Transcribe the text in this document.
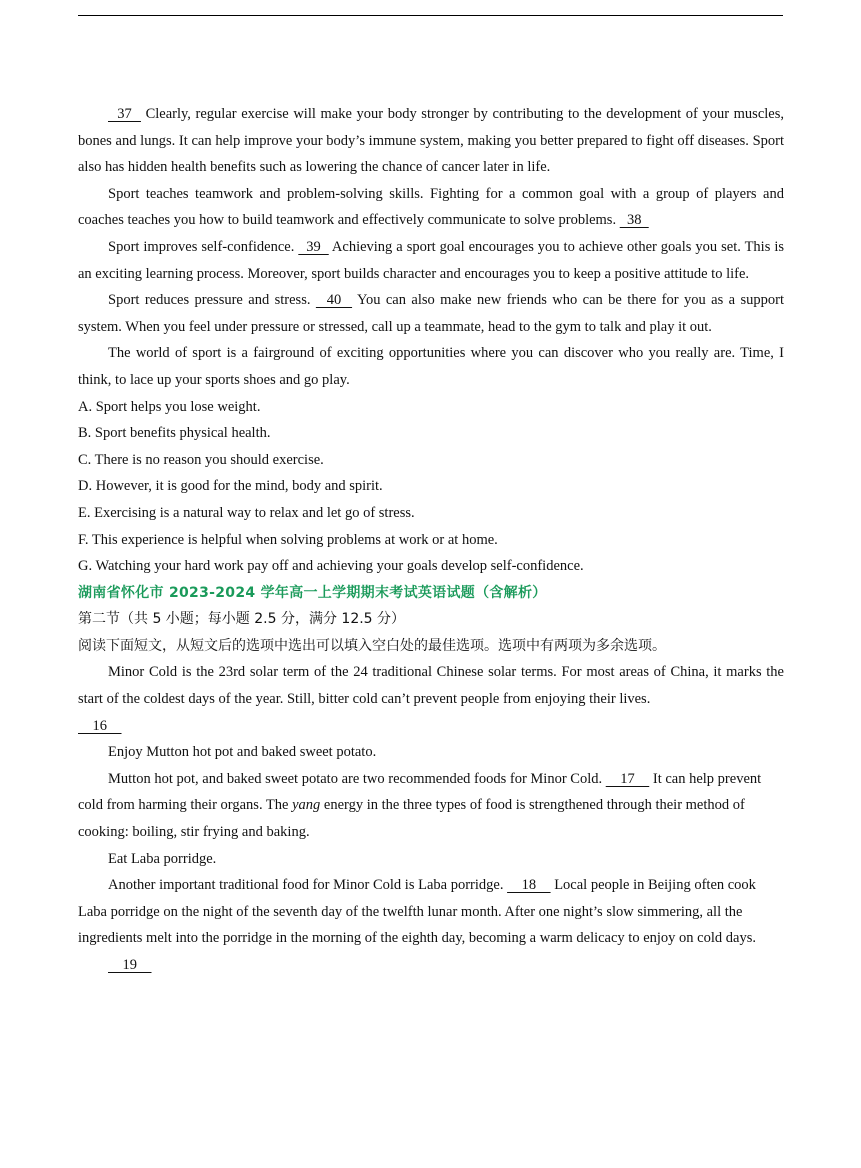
37   Clearly, regular exercise will make your body stronger by contributing to the development of your muscles, bones and lungs. It can help improve your body’s immune system, making you better prepared to fight off diseases. Sport also has hidden health benefits such as lowering the chance of cancer later in life.

Sport teaches teamwork and problem-solving skills. Fighting for a common goal with a group of players and coaches teaches you how to build teamwork and effectively communicate to solve problems.   38

Sport improves self-confidence.   39   Achieving a sport goal encourages you to achieve other goals you set. This is an exciting learning process. Moreover, sport builds character and encourages you to keep a positive attitude to life.

Sport reduces pressure and stress.   40   You can also make new friends who can be there for you as a support system. When you feel under pressure or stressed, call up a teammate, head to the gym to talk and play it out.

The world of sport is a fairground of exciting opportunities where you can discover who you really are. Time, I think, to lace up your sports shoes and go play.

A. Sport helps you lose weight.

B. Sport benefits physical health.

C. There is no reason you should exercise.

D. However, it is good for the mind, body and spirit.

E. Exercising is a natural way to relax and let go of stress.

F. This experience is helpful when solving problems at work or at home.

G. Watching your hard work pay off and achieving your goals develop self-confidence.

湖南省怀化市 2023-2024 学年高一上学期期末考试英语试题（含解析）

第二节（共 5 小题；每小题 2.5 分，满分 12.5 分）

阅读下面短文，从短文后的选项中选出可以填入空白处的最佳选项。选项中有两项为多余选项。

Minor Cold is the 23rd solar term of the 24 traditional Chinese solar terms. For most areas of China, it marks the start of the coldest days of the year. Still, bitter cold can’t prevent people from enjoying their lives.

16

Enjoy Mutton hot pot and baked sweet potato.

Mutton hot pot, and baked sweet potato are two recommended foods for Minor Cold.     17     It can help prevent cold from harming their organs. The yang energy in the three types of food is strengthened through their method of cooking: boiling, stir frying and baking.

Eat Laba porridge.

Another important traditional food for Minor Cold is Laba porridge.     18     Local people in Beijing often cook Laba porridge on the night of the seventh day of the twelfth lunar month. After one night’s slow simmering, all the ingredients melt into the porridge in the morning of the eighth day, becoming a warm delicacy to enjoy on cold days.

19
